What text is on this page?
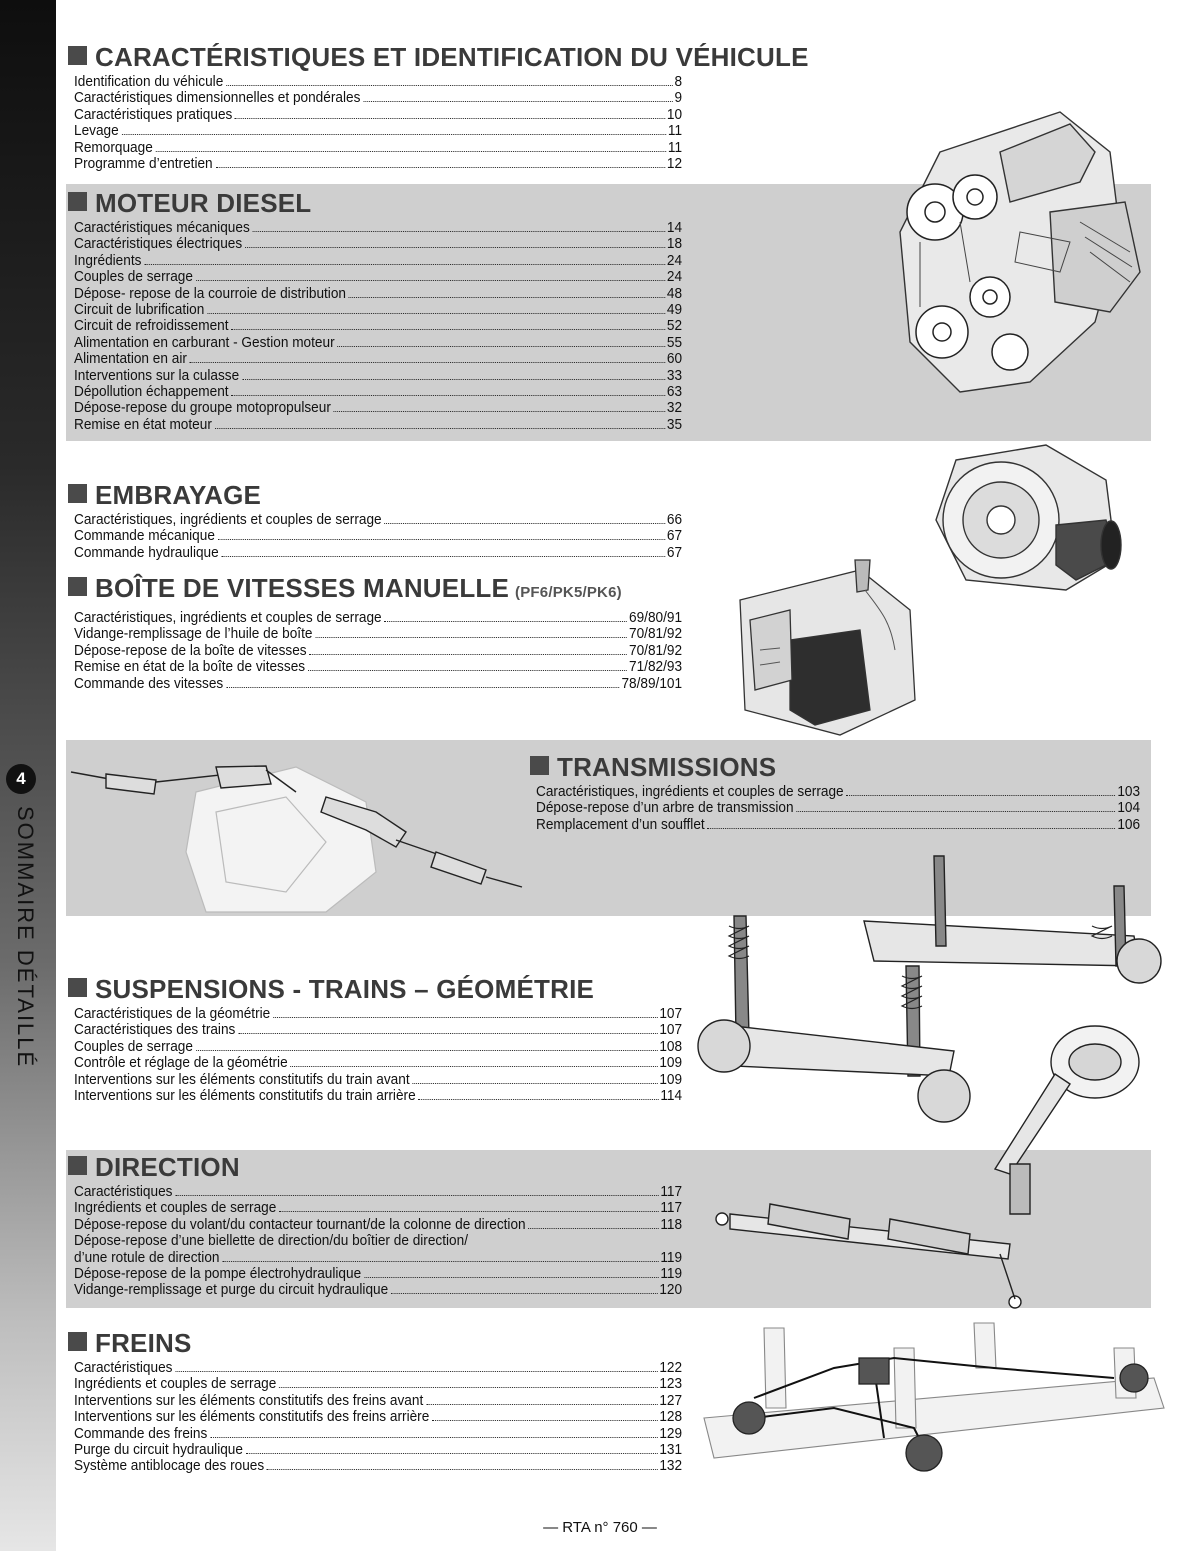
4
SOMMAIRE DÉTAILLÉ
CARACTÉRISTIQUES ET IDENTIFICATION DU VÉHICULE
Identification du véhicule	8
Caractéristiques dimensionnelles et pondérales	9
Caractéristiques pratiques	10
Levage	11
Remorquage	11
Programme d’entretien	12
MOTEUR DIESEL
Caractéristiques mécaniques	14
Caractéristiques électriques	18
Ingrédients	24
Couples de serrage	24
Dépose- repose de la courroie de distribution	48
Circuit de lubrification	49
Circuit de refroidissement	52
Alimentation en carburant - Gestion moteur	55
Alimentation en air	60
Interventions sur la culasse	33
Dépollution échappement	63
Dépose-repose du groupe motopropulseur	32
Remise en état moteur	35
EMBRAYAGE
Caractéristiques, ingrédients et couples de serrage	66
Commande mécanique	67
Commande hydraulique	67
BOÎTE DE VITESSES MANUELLE (PF6/PK5/PK6)
Caractéristiques, ingrédients et couples de serrage	69/80/91
Vidange-remplissage de l’huile de boîte	70/81/92
Dépose-repose de la boîte de vitesses	70/81/92
Remise en état de la boîte de vitesses	71/82/93
Commande des vitesses	78/89/101
TRANSMISSIONS
Caractéristiques, ingrédients et couples de serrage	103
Dépose-repose d’un arbre de transmission	104
Remplacement d’un soufflet	106
SUSPENSIONS - TRAINS – GÉOMÉTRIE
Caractéristiques de la géométrie	107
Caractéristiques des trains	107
Couples de serrage	108
Contrôle et réglage de la géométrie	109
Interventions sur les éléments constitutifs du train avant	109
Interventions sur les éléments constitutifs du train arrière	114
DIRECTION
Caractéristiques	117
Ingrédients et couples de serrage	117
Dépose-repose du volant/du contacteur tournant/de la colonne de direction	118
Dépose-repose d’une biellette de direction/du boîtier de direction/
d’une rotule de direction	119
Dépose-repose de la pompe électrohydraulique	119
Vidange-remplissage et purge du circuit hydraulique	120
FREINS
Caractéristiques	122
Ingrédients et couples de serrage	123
Interventions sur les éléments constitutifs des freins avant	127
Interventions sur les éléments constitutifs des freins arrière	128
Commande des freins	129
Purge du circuit hydraulique	131
Système antiblocage des roues	132
— RTA n° 760 —
